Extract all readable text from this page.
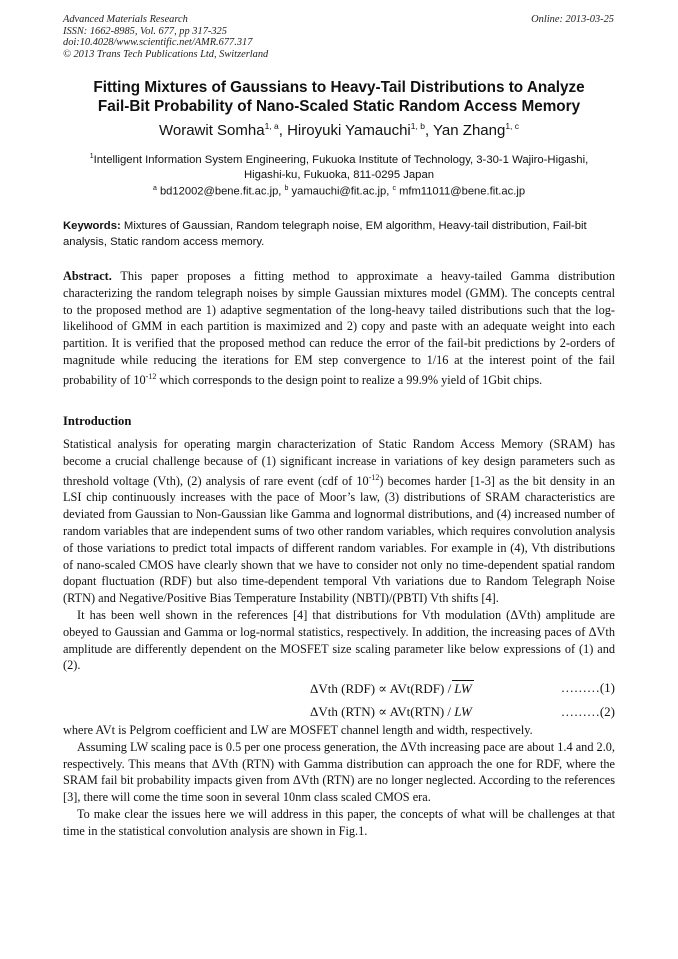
Advanced Materials Research
ISSN: 1662-8985, Vol. 677, pp 317-325
doi:10.4028/www.scientific.net/AMR.677.317
© 2013 Trans Tech Publications Ltd, Switzerland
Online: 2013-03-25
Fitting Mixtures of Gaussians to Heavy-Tail Distributions to Analyze
Fail-Bit Probability of Nano-Scaled Static Random Access Memory
Worawit Somha$^{1, a}$, Hiroyuki Yamauchi$^{1, b}$, Yan Zhang$^{1, c}$
$^1$Intelligent Information System Engineering, Fukuoka Institute of Technology, 3-30-1 Wajiro-Higashi,
Higashi-ku, Fukuoka, 811-0295 Japan
$^a$ bd12002@bene.fit.ac.jp, $^b$ yamauchi@fit.ac.jp, $^c$ mfm11011@bene.fit.ac.jp
Keywords: Mixtures of Gaussian, Random telegraph noise, EM algorithm, Heavy-tail distribution, Fail-bit analysis, Static random access memory.

Abstract. This paper proposes a fitting method to approximate a heavy-tailed Gamma distribution characterizing the random telegraph noises by simple Gaussian mixtures model (GMM). The concepts central to the proposed method are 1) adaptive segmentation of the long-heavy tailed distributions such that the log-likelihood of GMM in each partition is maximized and 2) copy and paste with an adequate weight into each partition. It is verified that the proposed method can reduce the error of the fail-bit predictions by 2-orders of magnitude while reducing the iterations for EM step convergence to 1/16 at the interest point of the fail probability of $10^{-12}$ which corresponds to the design point to realize a 99.9% yield of 1Gbit chips.

Introduction

Statistical analysis for operating margin characterization of Static Random Access Memory (SRAM) has become a crucial challenge because of (1) significant increase in variations of key design parameters such as threshold voltage (Vth), (2) analysis of rare event (cdf of $10^{-12}$) becomes harder [1-3] as the bit density in an LSI chip continuously increases with the pace of Moor’s law, (3) distributions of SRAM characteristics are deviated from Gaussian to Non-Gaussian like Gamma and lognormal distributions, and (4) increased number of random variables that are independent sums of two other random variables, which requires convolution analysis of those variations to predict total impacts of different random variables. For example in (4), Vth distributions of nano-scaled CMOS have clearly shown that we have to consider not only no time-dependent spatial random dopant fluctuation (RDF) but also time-dependent temporal Vth variations due to Random Telegraph Noise (RTN) and Negative/Positive Bias Temperature Instability (NBTI)/(PBTI) Vth shifts [4].

It has been well shown in the references [4] that distributions for Vth modulation (ΔVth) amplitude are obeyed to Gaussian and Gamma or log-normal statistics, respectively. In addition, the increasing paces of ΔVth amplitude are differently dependent on the MOSFET size scaling parameter like below expressions of (1) and (2).

ΔVth (RDF) ∝ AVt(RDF) / LW	………(1)
ΔVth (RTN) ∝ AVt(RTN) / LW	………(2)

where AVt is Pelgrom coefficient and LW are MOSFET channel length and width, respectively.

Assuming LW scaling pace is 0.5 per one process generation, the ΔVth increasing pace are about 1.4 and 2.0, respectively. This means that ΔVth (RTN) with Gamma distribution can approach the one for RDF, where the SRAM fail bit probability impacts given from ΔVth (RTN) are no longer neglected. According to the references [3], there will come the time soon in several 10nm class scaled CMOS era.

To make clear the issues here we will address in this paper, the concepts of what will be challenges at that time in the statistical convolution analysis are shown in Fig.1.
